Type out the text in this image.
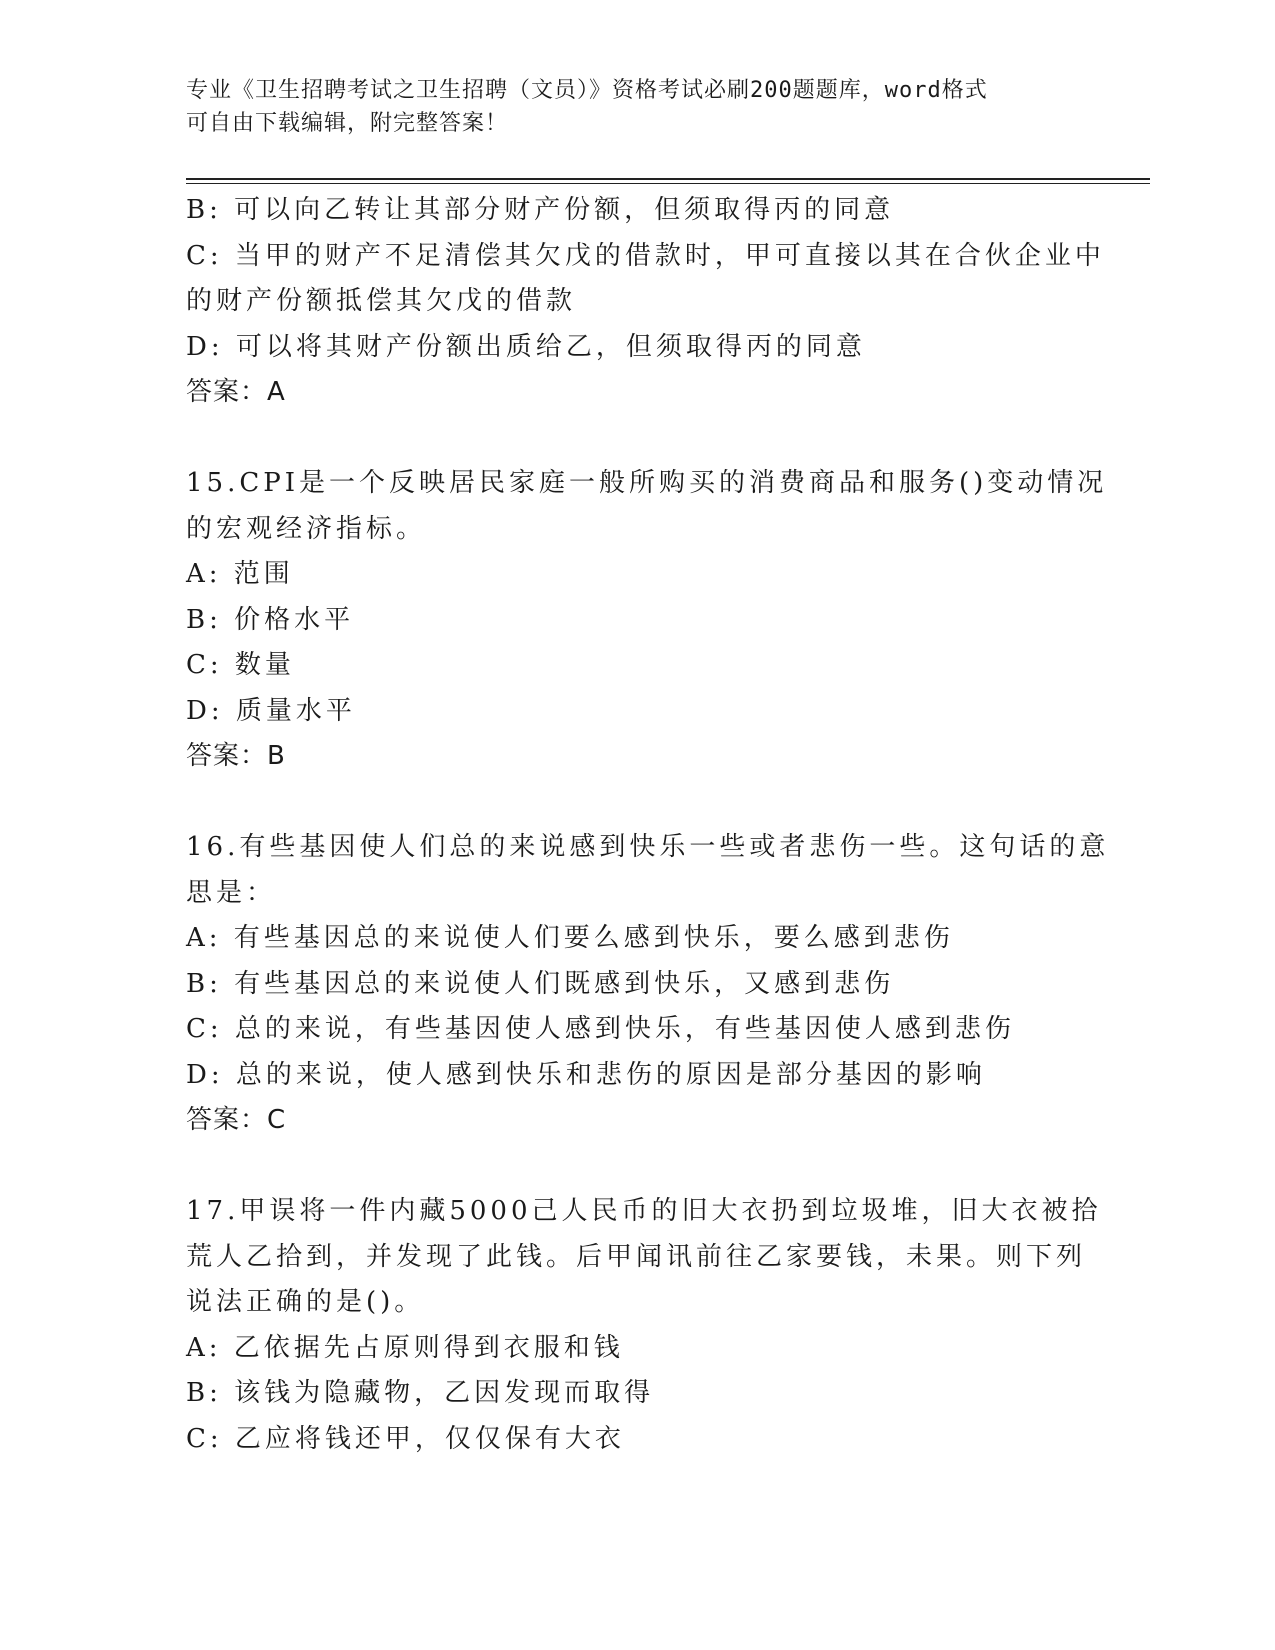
专业《卫生招聘考试之卫生招聘（文员）》资格考试必刷200题题库，word格式
可自由下载编辑，附完整答案！
B: 可以向乙转让其部分财产份额，但须取得丙的同意
C: 当甲的财产不足清偿其欠戊的借款时，甲可直接以其在合伙企业中
的财产份额抵偿其欠戊的借款
D: 可以将其财产份额出质给乙，但须取得丙的同意
答案：A
15.CPI是一个反映居民家庭一般所购买的消费商品和服务()变动情况
的宏观经济指标。
A: 范围
B: 价格水平
C: 数量
D: 质量水平
答案：B
16.有些基因使人们总的来说感到快乐一些或者悲伤一些。这句话的意
思是：
A: 有些基因总的来说使人们要么感到快乐，要么感到悲伤
B: 有些基因总的来说使人们既感到快乐，又感到悲伤
C: 总的来说，有些基因使人感到快乐，有些基因使人感到悲伤
D: 总的来说，使人感到快乐和悲伤的原因是部分基因的影响
答案：C
17.甲误将一件内藏5000己人民币的旧大衣扔到垃圾堆，旧大衣被拾
荒人乙拾到，并发现了此钱。后甲闻讯前往乙家要钱，未果。则下列
说法正确的是()。
A: 乙依据先占原则得到衣服和钱
B: 该钱为隐藏物，乙因发现而取得
C: 乙应将钱还甲，仅仅保有大衣
